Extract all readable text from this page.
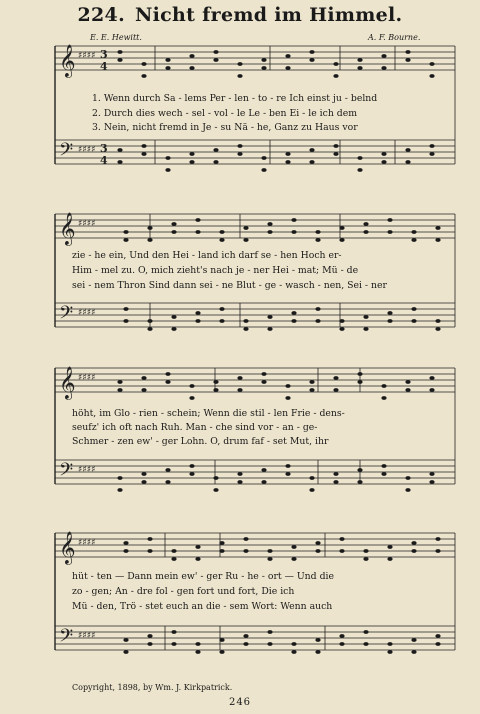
224. Nicht fremd im Himmel.
E. E. Hewitt.	A. F. Bourne.
𝄞
𝄢
𝄞
𝄢
𝄞
𝄢
𝄞
𝄢
♯♯♯♯
♯♯♯♯
♯♯♯♯
♯♯♯♯
♯♯♯♯
♯♯♯♯
♯♯♯♯
♯♯♯♯
3
4
3
4
1. Wenn durch Sa - lems Per - len - to - re Ich einst ju - belnd
2. Durch dies wech - sel - vol - le Le - ben Ei - le ich dem
3. Nein, nicht fremd in Je - su Nä - he, Ganz zu Haus vor
zie - he ein, Und den Hei - land ich darf se - hen Hoch er-
Him - mel zu. O, mich zieht's nach je - ner Hei - mat; Mü - de
sei - nem Thron Sind dann sei - ne Blut - ge - wasch - nen, Sei - ner
höht, im Glo - rien - schein; Wenn die stil - len Frie - dens-
seufz' ich oft nach Ruh. Man - che sind vor - an - ge-
Schmer - zen ew' - ger Lohn. O, drum faf - set Mut, ihr
hüt - ten — Dann mein ew' - ger Ru - he - ort — Und die
zo - gen; An - dre fol - gen fort und fort, Die ich
Mü - den, Trö - stet euch an die - sem Wort: Wenn auch
Copyright, 1898, by Wm. J. Kirkpatrick.
246
